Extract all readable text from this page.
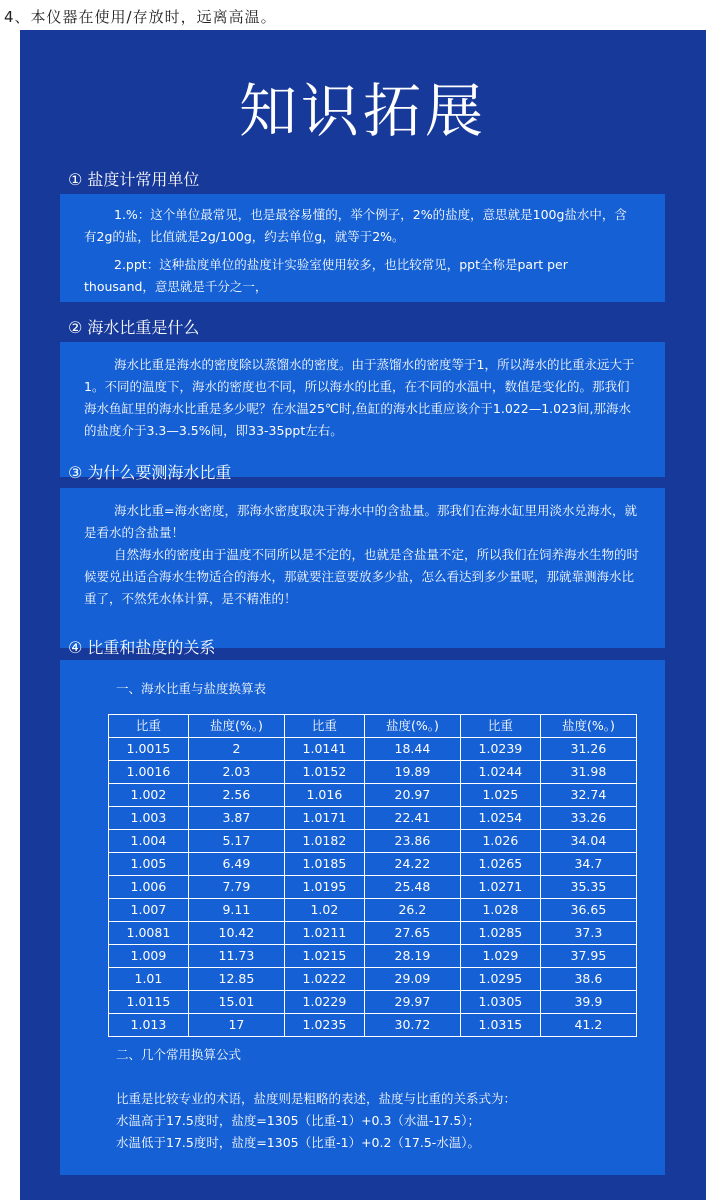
4、本仪器在使用/存放时，远离高温。
知识拓展
① 盐度计常用单位

1.%：这个单位最常见，也是最容易懂的，举个例子，2%的盐度，意思就是100g盐水中，含有2g的盐，比值就是2g/100g，约去单位g，就等于2%。

2.ppt：这种盐度单位的盐度计实验室使用较多，也比较常见，ppt全称是part per thousand，意思就是千分之一，

② 海水比重是什么

海水比重是海水的密度除以蒸馏水的密度。由于蒸馏水的密度等于1，所以海水的比重永远大于1。不同的温度下，海水的密度也不同，所以海水的比重，在不同的水温中，数值是变化的。那我们海水鱼缸里的海水比重是多少呢？在水温25℃时,鱼缸的海水比重应该介于1.022—1.023间,那海水的盐度介于3.3—3.5%间，即33-35ppt左右。

③ 为什么要测海水比重

海水比重=海水密度，那海水密度取决于海水中的含盐量。那我们在海水缸里用淡水兑海水，就是看水的含盐量！

自然海水的密度由于温度不同所以是不定的，也就是含盐量不定，所以我们在饲养海水生物的时候要兑出适合海水生物适合的海水，那就要注意要放多少盐，怎么看达到多少量呢，那就靠测海水比重了，不然凭水体计算，是不精准的！

④ 比重和盐度的关系
一、海水比重与盐度换算表
比重	盐度(%。)	比重	盐度(%。)	比重	盐度(%。)
1.0015	2	1.0141	18.44	1.0239	31.26
1.0016	2.03	1.0152	19.89	1.0244	31.98
1.002	2.56	1.016	20.97	1.025	32.74
1.003	3.87	1.0171	22.41	1.0254	33.26
1.004	5.17	1.0182	23.86	1.026	34.04
1.005	6.49	1.0185	24.22	1.0265	34.7
1.006	7.79	1.0195	25.48	1.0271	35.35
1.007	9.11	1.02	26.2	1.028	36.65
1.0081	10.42	1.0211	27.65	1.0285	37.3
1.009	11.73	1.0215	28.19	1.029	37.95
1.01	12.85	1.0222	29.09	1.0295	38.6
1.0115	15.01	1.0229	29.97	1.0305	39.9
1.013	17	1.0235	30.72	1.0315	41.2
二、几个常用换算公式
比重是比较专业的术语，盐度则是粗略的表述，盐度与比重的关系式为：
水温高于17.5度时，盐度=1305（比重-1）+0.3（水温-17.5）；
水温低于17.5度时，盐度=1305（比重-1）+0.2（17.5-水温）。
